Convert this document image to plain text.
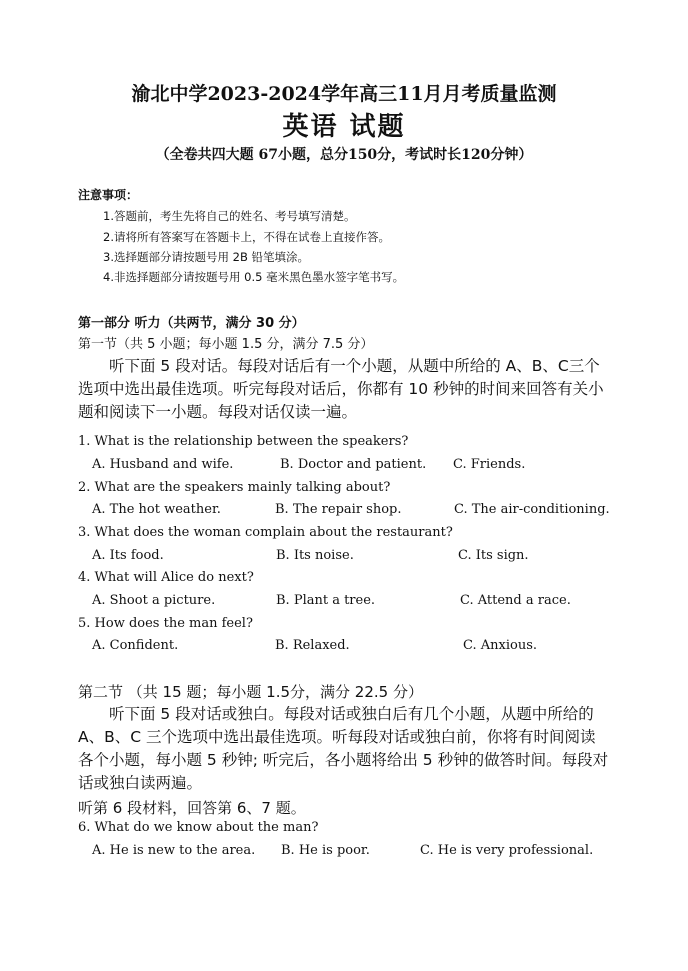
渝北中学2023-2024学年高三11月月考质量监测
英语 试题
（全卷共四大题 67小题，总分150分，考试时长120分钟）
注意事项：
1.答题前，考生先将自己的姓名、考号填写清楚。
2.请将所有答案写在答题卡上，不得在试卷上直接作答。
3.选择题部分请按题号用 2B 铅笔填涂。
4.非选择题部分请按题号用 0.5 毫米黑色墨水签字笔书写。
第一部分 听力（共两节，满分 30 分）
第一节（共 5 小题；每小题 1.5 分，满分 7.5 分）
听下面 5 段对话。每段对话后有一个小题，从题中所给的 A、B、C三个
选项中选出最佳选项。听完每段对话后，你都有 10 秒钟的时间来回答有关小
题和阅读下一小题。每段对话仅读一遍。
1. What is the relationship between the speakers?
A. Husband and wife.	B. Doctor and patient. C. Friends.
2. What are the speakers mainly talking about?
A. The hot weather.	B. The repair shop.	C. The air-conditioning.
3. What does the woman complain about the restaurant?
A. Its food.	B. Its noise.	C. Its sign.
4. What will Alice do next?
A. Shoot a picture.	B. Plant a tree.	C. Attend a race.
5. How does the man feel?
A. Confident.	B. Relaxed.	C. Anxious.
第二节 （共 15 题；每小题 1.5分，满分 22.5 分）
听下面 5 段对话或独白。每段对话或独白后有几个小题，从题中所给的
A、B、C 三个选项中选出最佳选项。听每段对话或独白前，你将有时间阅读
各个小题，每小题 5 秒钟; 听完后，各小题将给出 5 秒钟的做答时间。每段对
话或独白读两遍。
听第 6 段材料，回答第 6、7 题。
6. What do we know about the man?
A. He is new to the area. B. He is poor.	C. He is very professional.
